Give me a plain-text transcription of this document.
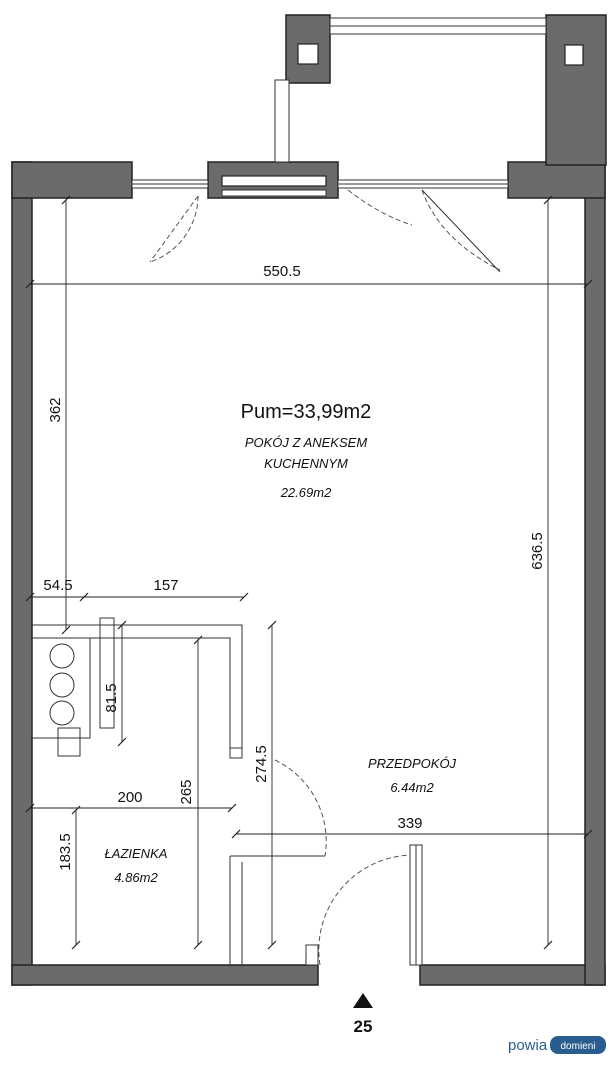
550.5
362
636.5
54.5	157
81.5
200 265
274.5
339
183.5
Pum=33,99m2
POKÓJ Z ANEKSEM
KUCHENNYM
22.69m2
PRZEDPOKÓJ
6.44m2
ŁAZIENKA
4.86m2
25
powia domieni
